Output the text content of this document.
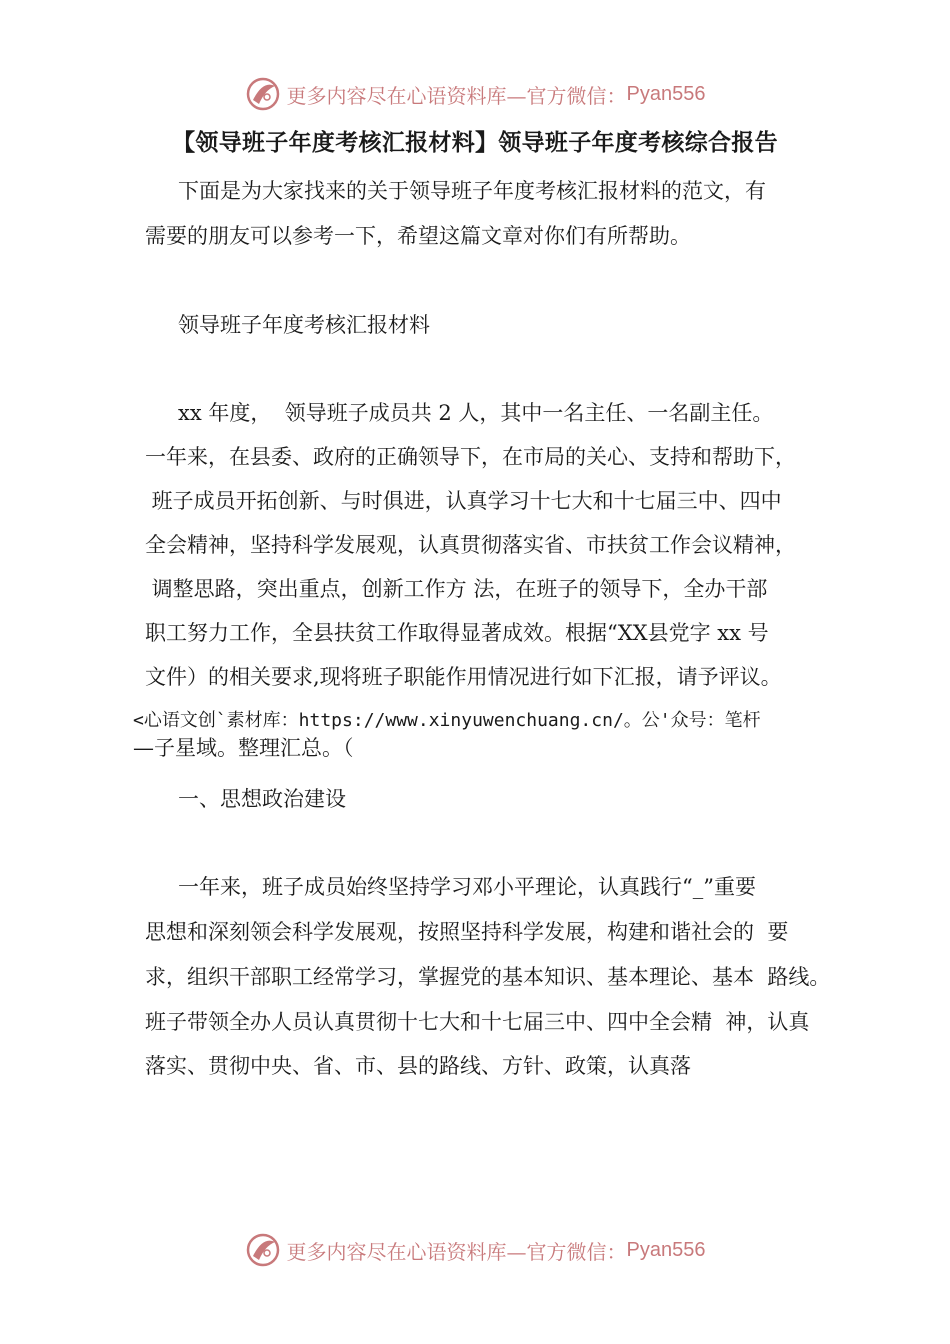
更多内容尽在心语资料库—官方微信： Pyan556
【领导班子年度考核汇报材料】领导班子年度考核综合报告

下面是为大家找来的关于领导班子年度考核汇报材料的范文，有

需要的朋友可以参考一下，希望这篇文章对你们有所帮助。

领导班子年度考核汇报材料

xx 年度，  领导班子成员共 2 人，其中一名主任、一名副主任。

一年来，在县委、政府的正确领导下，在市局的关心、支持和帮助下，

班子成员开拓创新、与时俱进，认真学习十七大和十七届三中、四中

全会精神，坚持科学发展观，认真贯彻落实省、市扶贫工作会议精神，

调整思路，突出重点，创新工作方 法，在班子的领导下，全办干部

职工努力工作，全县扶贫工作取得显著成效。根据“XX县党字 xx 号

文件）的相关要求,现将班子职能作用情况进行如下汇报，请予评议。

<心语文创`素材库：https://www.xinyuwenchuang.cn/。公'众号：笔杆

—子星域。整理汇总。（

一、思想政治建设

一年来，班子成员始终坚持学习邓小平理论，认真践行“_”重要

思想和深刻领会科学发展观，按照坚持科学发展，构建和谐社会的  要

求，组织干部职工经常学习，掌握党的基本知识、基本理论、基本  路线。

班子带领全办人员认真贯彻十七大和十七届三中、四中全会精  神，认真

落实、贯彻中央、省、市、县的路线、方针、政策，认真落

更多内容尽在心语资料库—官方微信： Pyan556
